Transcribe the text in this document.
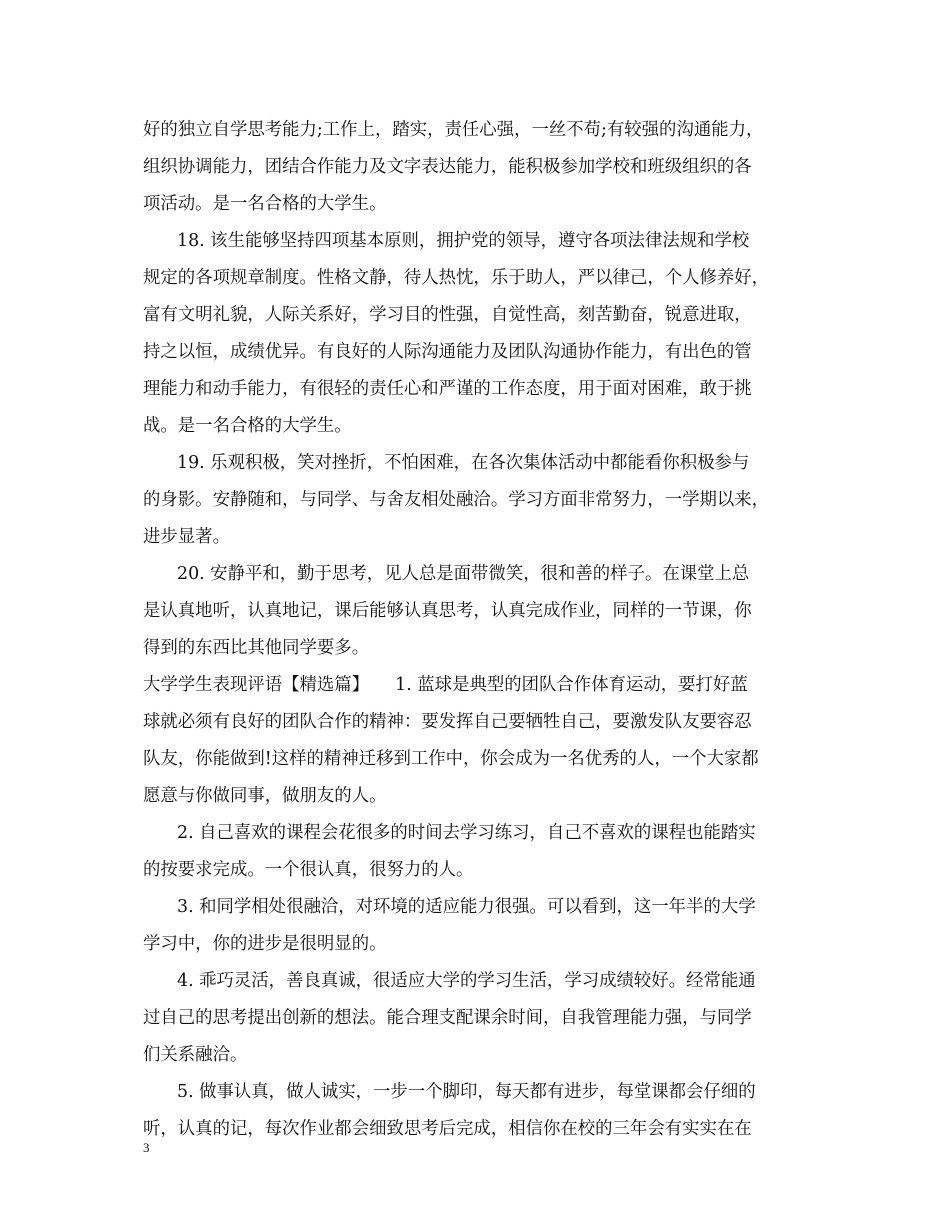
好的独立自学思考能力;工作上，踏实，责任心强，一丝不苟;有较强的沟通能力，
组织协调能力，团结合作能力及文字表达能力，能积极参加学校和班级组织的各
项活动。是一名合格的大学生。
18. 该生能够坚持四项基本原则，拥护党的领导，遵守各项法律法规和学校
规定的各项规章制度。性格文静，待人热忱，乐于助人，严以律己，个人修养好，
富有文明礼貌，人际关系好，学习目的性强，自觉性高，刻苦勤奋，锐意进取，
持之以恒，成绩优异。有良好的人际沟通能力及团队沟通协作能力，有出色的管
理能力和动手能力，有很轻的责任心和严谨的工作态度，用于面对困难，敢于挑
战。是一名合格的大学生。
19. 乐观积极，笑对挫折，不怕困难，在各次集体活动中都能看你积极参与
的身影。安静随和，与同学、与舍友相处融洽。学习方面非常努力，一学期以来，
进步显著。
20. 安静平和，勤于思考，见人总是面带微笑，很和善的样子。在课堂上总
是认真地听，认真地记，课后能够认真思考，认真完成作业，同样的一节课，你
得到的东西比其他同学要多。
大学学生表现评语【精选篇】　　1. 蓝球是典型的团队合作体育运动，要打好蓝
球就必须有良好的团队合作的精神：要发挥自己要牺牲自己，要激发队友要容忍
队友，你能做到!这样的精神迁移到工作中，你会成为一名优秀的人，一个大家都
愿意与你做同事，做朋友的人。
2. 自己喜欢的课程会花很多的时间去学习练习，自己不喜欢的课程也能踏实
的按要求完成。一个很认真，很努力的人。
3. 和同学相处很融洽，对环境的适应能力很强。可以看到，这一年半的大学
学习中，你的进步是很明显的。
4. 乖巧灵活，善良真诚，很适应大学的学习生活，学习成绩较好。经常能通
过自己的思考提出创新的想法。能合理支配课余时间，自我管理能力强，与同学
们关系融洽。
5. 做事认真，做人诚实，一步一个脚印，每天都有进步，每堂课都会仔细的
听，认真的记，每次作业都会细致思考后完成，相信你在校的三年会有实实在在
3
